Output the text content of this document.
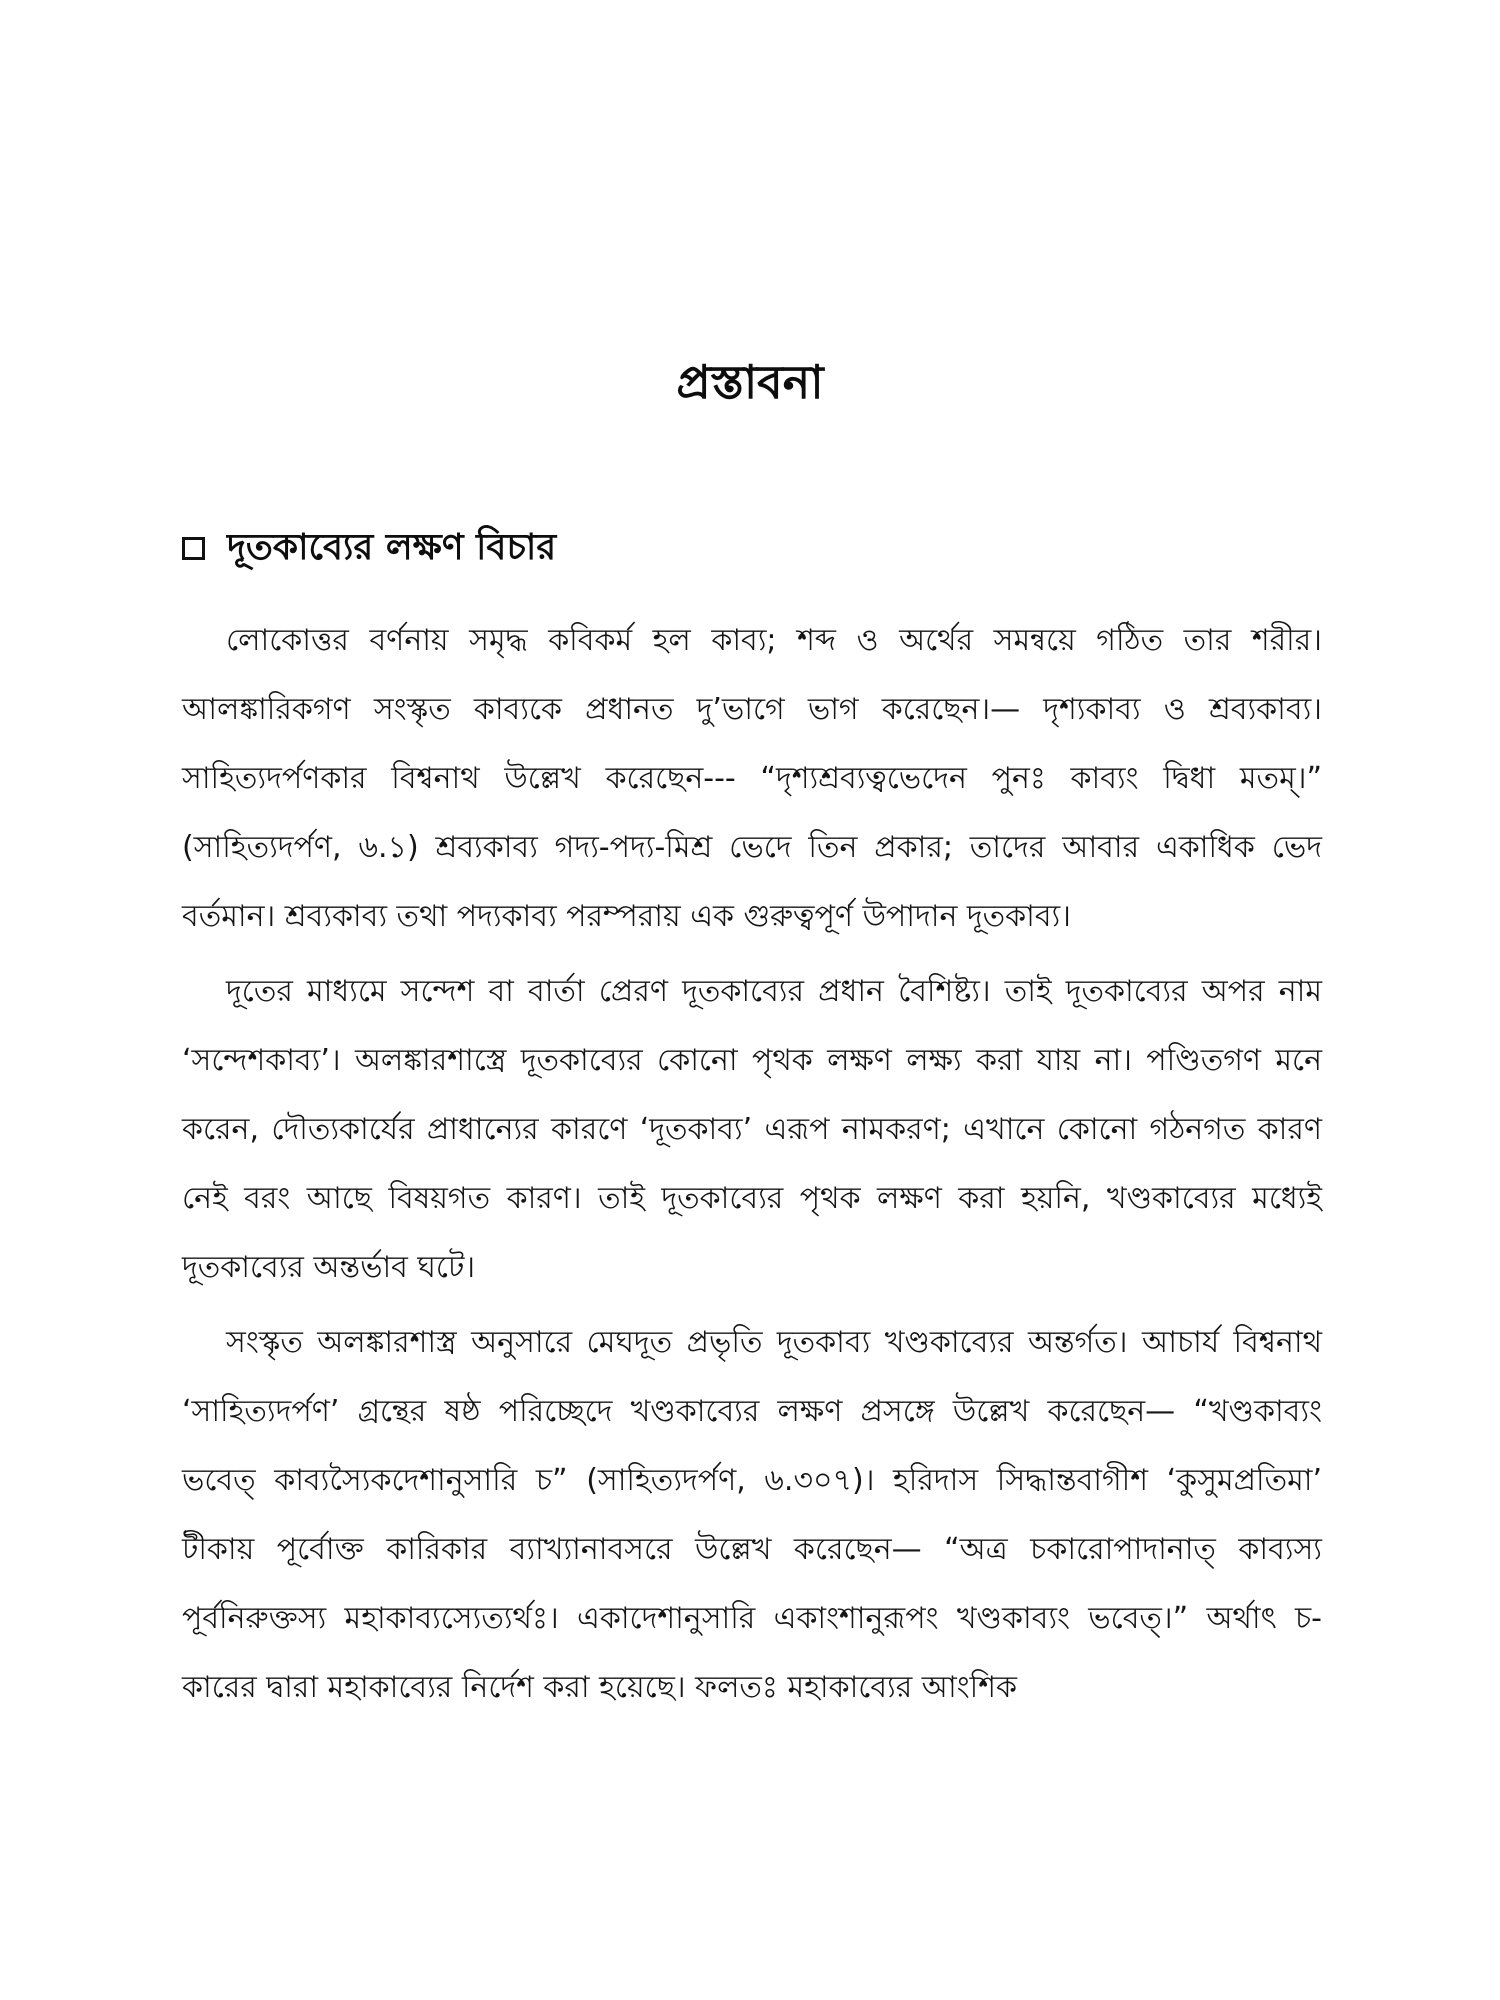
প্রস্তাবনা
দূতকাব্যের লক্ষণ বিচার

লোকোত্তর বর্ণনায় সমৃদ্ধ কবিকর্ম হল কাব্য; শব্দ ও অর্থের সমন্বয়ে গঠিত তার শরীর। আলঙ্কারিকগণ সংস্কৃত কাব্যকে প্রধানত দু’ভাগে ভাগ করেছেন।— দৃশ্যকাব্য ও শ্রব্যকাব্য। সাহিত্যদর্পণকার বিশ্বনাথ উল্লেখ করেছেন--- “দৃশ্যশ্রব্যত্বভেদেন পুনঃ কাব্যং দ্বিধা মতম্।” (সাহিত্যদর্পণ, ৬.১) শ্রব্যকাব্য গদ্য-পদ্য-মিশ্র ভেদে তিন প্রকার; তাদের আবার একাধিক ভেদ বর্তমান। শ্রব্যকাব্য তথা পদ্যকাব্য পরম্পরায় এক গুরুত্বপূর্ণ উপাদান দূতকাব্য।

দূতের মাধ্যমে সন্দেশ বা বার্তা প্রেরণ দূতকাব্যের প্রধান বৈশিষ্ট্য। তাই দূতকাব্যের অপর নাম ‘সন্দেশকাব্য’। অলঙ্কারশাস্ত্রে দূতকাব্যের কোনো পৃথক লক্ষণ লক্ষ্য করা যায় না। পণ্ডিতগণ মনে করেন, দৌত্যকার্যের প্রাধান্যের কারণে ‘দূতকাব্য’ এরূপ নামকরণ; এখানে কোনো গঠনগত কারণ নেই বরং আছে বিষয়গত কারণ। তাই দূতকাব্যের পৃথক লক্ষণ করা হয়নি, খণ্ডকাব্যের মধ্যেই দূতকাব্যের অন্তর্ভাব ঘটে।

সংস্কৃত অলঙ্কারশাস্ত্র অনুসারে মেঘদূত প্রভৃতি দূতকাব্য খণ্ডকাব্যের অন্তর্গত। আচার্য বিশ্বনাথ ‘সাহিত্যদর্পণ’ গ্রন্থের ষষ্ঠ পরিচ্ছেদে খণ্ডকাব্যের লক্ষণ প্রসঙ্গে উল্লেখ করেছেন— “খণ্ডকাব্যং ভবেত্ কাব্যস্যৈকদেশানুসারি চ” (সাহিত্যদর্পণ, ৬.৩০৭)। হরিদাস সিদ্ধান্তবাগীশ ‘কুসুমপ্রতিমা’ টীকায় পূর্বোক্ত কারিকার ব্যাখ্যানাবসরে উল্লেখ করেছেন— “অত্র চকারোপাদানাত্ কাব্যস্য পূর্বনিরুক্তস্য মহাকাব্যস্যেত্যর্থঃ। একাদেশানুসারি একাংশানুরূপং খণ্ডকাব্যং ভবেত্।” অর্থাৎ চ-কারের দ্বারা মহাকাব্যের নির্দেশ করা হয়েছে। ফলতঃ মহাকাব্যের আংশিক
